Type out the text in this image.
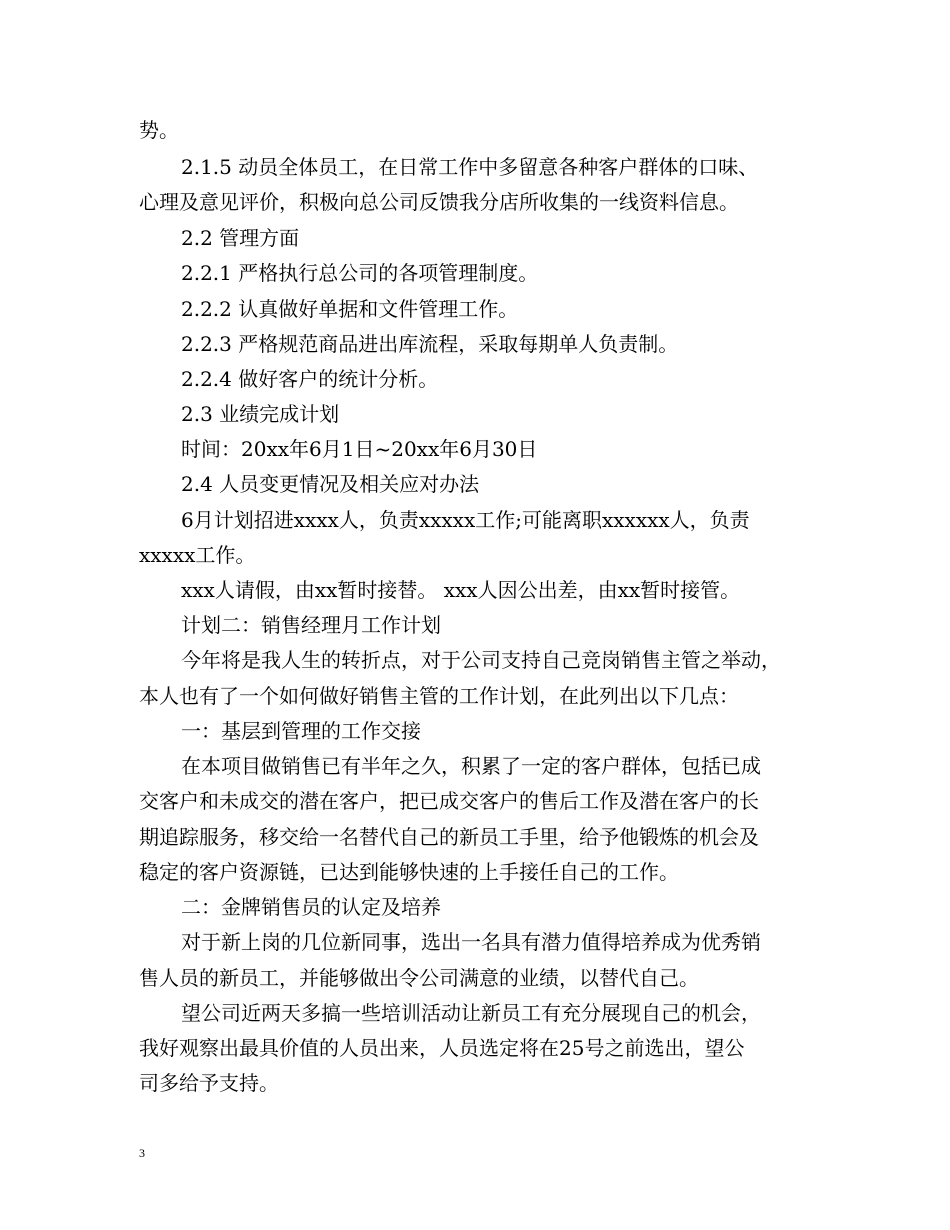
势。
2.1.5 动员全体员工，在日常工作中多留意各种客户群体的口味、
心理及意见评价，积极向总公司反馈我分店所收集的一线资料信息。
2.2 管理方面
2.2.1 严格执行总公司的各项管理制度。
2.2.2 认真做好单据和文件管理工作。
2.2.3 严格规范商品进出库流程，采取每期单人负责制。
2.2.4 做好客户的统计分析。
2.3 业绩完成计划
时间：20xx年6月1日~20xx年6月30日
2.4 人员变更情况及相关应对办法
6月计划招进xxxx人，负责xxxxx工作;可能离职xxxxxx人，负责
xxxxx工作。
xxx人请假，由xx暂时接替。 xxx人因公出差，由xx暂时接管。
计划二：销售经理月工作计划
今年将是我人生的转折点，对于公司支持自己竞岗销售主管之举动，
本人也有了一个如何做好销售主管的工作计划，在此列出以下几点：
一：基层到管理的工作交接
在本项目做销售已有半年之久，积累了一定的客户群体，包括已成
交客户和未成交的潜在客户，把已成交客户的售后工作及潜在客户的长
期追踪服务，移交给一名替代自己的新员工手里，给予他锻炼的机会及
稳定的客户资源链，已达到能够快速的上手接任自己的工作。
二：金牌销售员的认定及培养
对于新上岗的几位新同事，选出一名具有潜力值得培养成为优秀销
售人员的新员工，并能够做出令公司满意的业绩，以替代自己。
望公司近两天多搞一些培训活动让新员工有充分展现自己的机会，
我好观察出最具价值的人员出来，人员选定将在25号之前选出，望公
司多给予支持。
3
